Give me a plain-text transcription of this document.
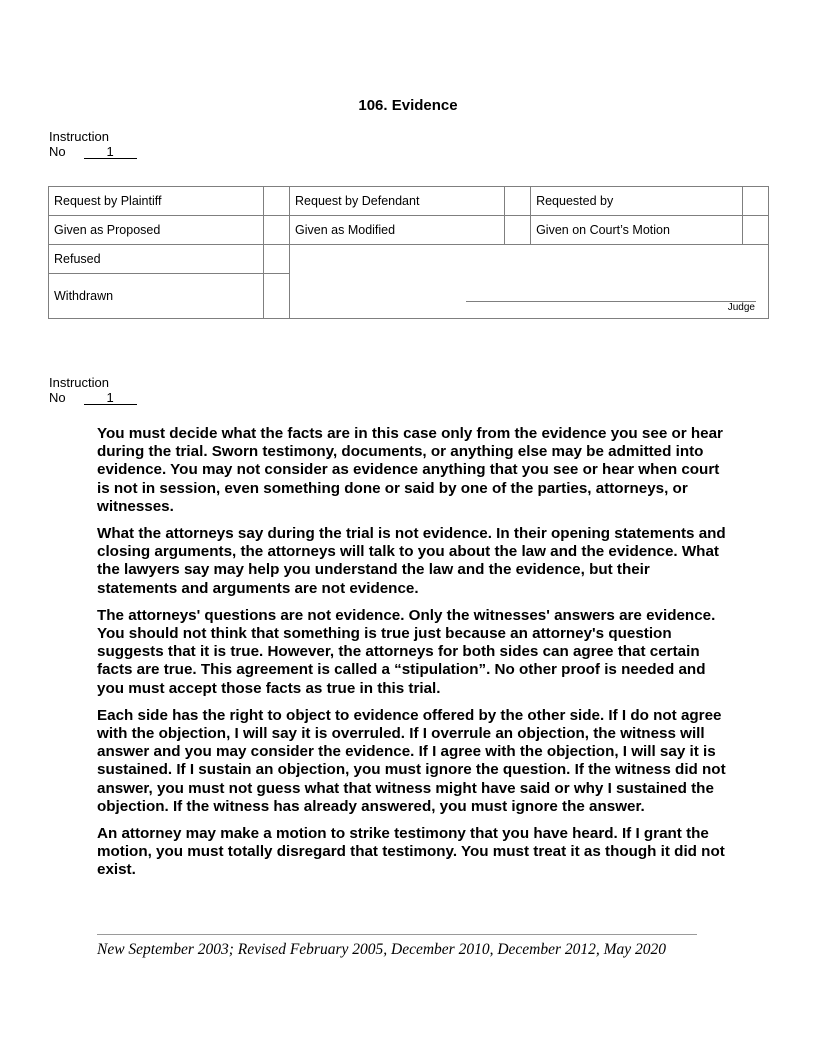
106. Evidence
Instruction
No	1
Request by Plaintiff		Request by Defendant		Requested by	
Given as Proposed		Given as Modified		Given on Court’s Motion	
Refused		Judge			

Withdrawn					
Instruction
No	1

You must decide what the facts are in this case only from the evidence you see or hear during the trial. Sworn testimony, documents, or anything else may be admitted into evidence. You may not consider as evidence anything that you see or hear when court is not in session, even something done or said by one of the parties, attorneys, or witnesses.

What the attorneys say during the trial is not evidence. In their opening statements and closing arguments, the attorneys will talk to you about the law and the evidence. What the lawyers say may help you understand the law and the evidence, but their statements and arguments are not evidence.

The attorneys' questions are not evidence. Only the witnesses' answers are evidence. You should not think that something is true just because an attorney's question suggests that it is true. However, the attorneys for both sides can agree that certain facts are true. This agreement is called a “stipulation”. No other proof is needed and you must accept those facts as true in this trial.

Each side has the right to object to evidence offered by the other side. If I do not agree with the objection, I will say it is overruled. If I overrule an objection, the witness will answer and you may consider the evidence. If I agree with the objection, I will say it is sustained. If I sustain an objection, you must ignore the question. If the witness did not answer, you must not guess what that witness might have said or why I sustained the objection. If the witness has already answered, you must ignore the answer.

An attorney may make a motion to strike testimony that you have heard. If I grant the motion, you must totally disregard that testimony. You must treat it as though it did not exist.

New September 2003; Revised February 2005, December 2010, December 2012, May 2020
